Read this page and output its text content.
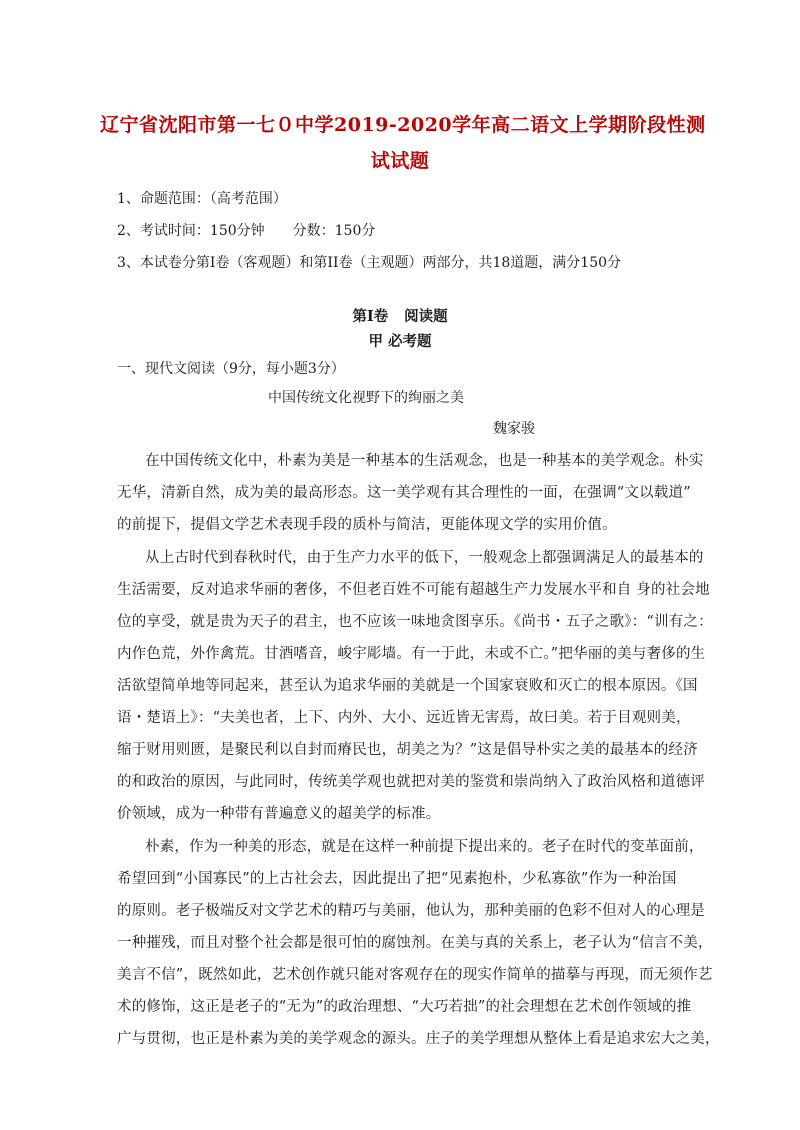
辽宁省沈阳市第一七０中学2019-2020学年高二语文上学期阶段性测
试试题
1、命题范围：（高考范围）
2、考试时间：150分钟　　分数：150分
3、本试卷分第I卷（客观题）和第II卷（主观题）两部分，共18道题，满分150分
第Ⅰ卷 阅读题
甲 必考题
一、现代文阅读（9分，每小题3分）
中国传统文化视野下的绚丽之美
魏家骏
在中国传统文化中，朴素为美是一种基本的生活观念，也是一种基本的美学观念。朴实
无华，清新自然，成为美的最高形态。这一美学观有其合理性的一面，在强调“文以载道”
的前提下，提倡文学艺术表现手段的质朴与简洁，更能体现文学的实用价值。
从上古时代到春秋时代，由于生产力水平的低下，一般观念上都强调满足人的最基本的
生活需要，反对追求华丽的奢侈，不但老百姓不可能有超越生产力发展水平和自 身的社会地
位的享受，就是贵为天子的君主，也不应该一味地贪图享乐。《尚书・五子之歌》：“训有之：
内作色荒，外作禽荒。甘酒嗜音，峻宇彫墙。有一于此，未或不亡。”把华丽的美与奢侈的生
活欲望简单地等同起来，甚至认为追求华丽的美就是一个国家衰败和灭亡的根本原因。《国
语・楚语上》：“夫美也者，上下、内外、大小、远近皆无害焉，故曰美。若于目观则美，
缩于财用则匮，是聚民利以自封而瘠民也，胡美之为？”这是倡导朴实之美的最基本的经济
的和政治的原因，与此同时，传统美学观也就把对美的鉴赏和崇尚纳入了政治风格和道德评
价领域，成为一种带有普遍意义的超美学的标准。
朴素，作为一种美的形态，就是在这样一种前提下提出来的。老子在时代的变革面前，
希望回到“小国寡民”的上古社会去，因此提出了把“见素抱朴，少私寡欲”作为一种治国
的原则。老子极端反对文学艺术的精巧与美丽，他认为，那种美丽的色彩不但对人的心理是
一种摧残，而且对整个社会都是很可怕的腐蚀剂。在美与真的关系上，老子认为“信言不美，
美言不信”，既然如此，艺术创作就只能对客观存在的现实作简单的描摹与再现，而无须作艺
术的修饰，这正是老子的“无为”的政治理想、“大巧若拙”的社会理想在艺术创作领域的推
广与贯彻，也正是朴素为美的美学观念的源头。庄子的美学理想从整体上看是追求宏大之美，
